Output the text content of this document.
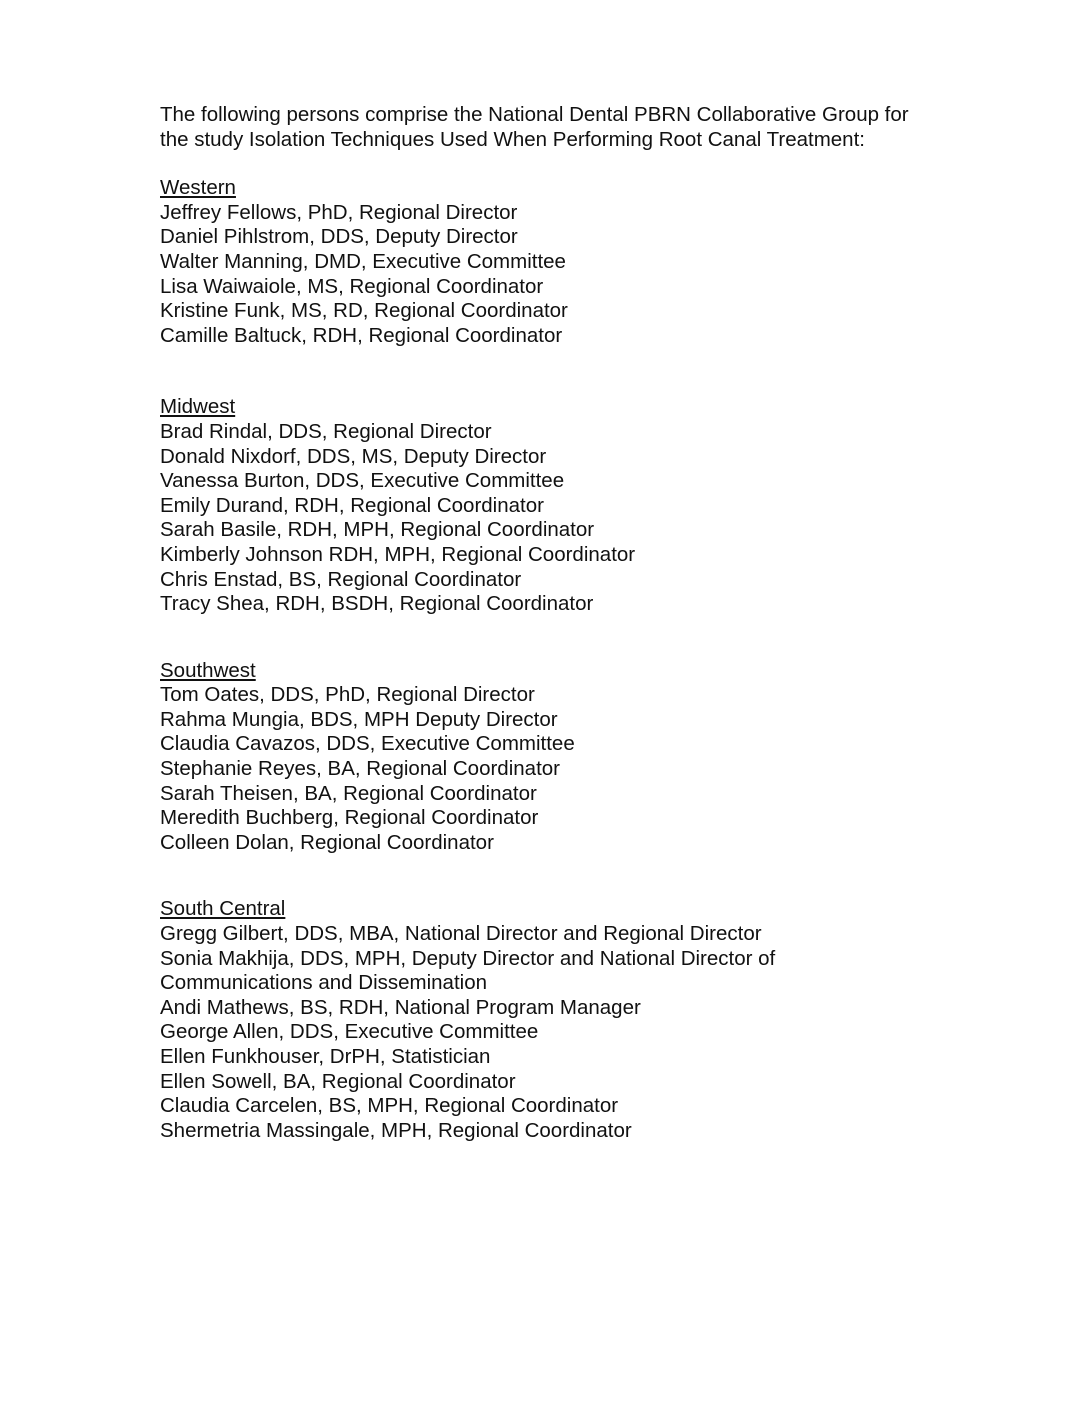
The following persons comprise the National Dental PBRN Collaborative Group for the study Isolation Techniques Used When Performing Root Canal Treatment:

Western
Jeffrey Fellows, PhD, Regional Director
Daniel Pihlstrom, DDS, Deputy Director
Walter Manning, DMD, Executive Committee
Lisa Waiwaiole, MS, Regional Coordinator
Kristine Funk, MS, RD, Regional Coordinator
Camille Baltuck, RDH, Regional Coordinator
Midwest
Brad Rindal, DDS, Regional Director
Donald Nixdorf, DDS, MS, Deputy Director
Vanessa Burton, DDS, Executive Committee
Emily Durand, RDH, Regional Coordinator
Sarah Basile, RDH, MPH, Regional Coordinator
Kimberly Johnson RDH, MPH, Regional Coordinator
Chris Enstad, BS, Regional Coordinator
Tracy Shea, RDH, BSDH, Regional Coordinator
Southwest
Tom Oates, DDS, PhD, Regional Director
Rahma Mungia, BDS, MPH Deputy Director
Claudia Cavazos, DDS, Executive Committee
Stephanie Reyes, BA, Regional Coordinator
Sarah Theisen, BA, Regional Coordinator
Meredith Buchberg, Regional Coordinator
Colleen Dolan, Regional Coordinator
South Central
Gregg Gilbert, DDS, MBA, National Director and Regional Director
Sonia Makhija, DDS, MPH, Deputy Director and National Director of Communications and Dissemination
Andi Mathews, BS, RDH, National Program Manager
George Allen, DDS, Executive Committee
Ellen Funkhouser, DrPH, Statistician
Ellen Sowell, BA, Regional Coordinator
Claudia Carcelen, BS, MPH, Regional Coordinator
Shermetria Massingale, MPH, Regional Coordinator
